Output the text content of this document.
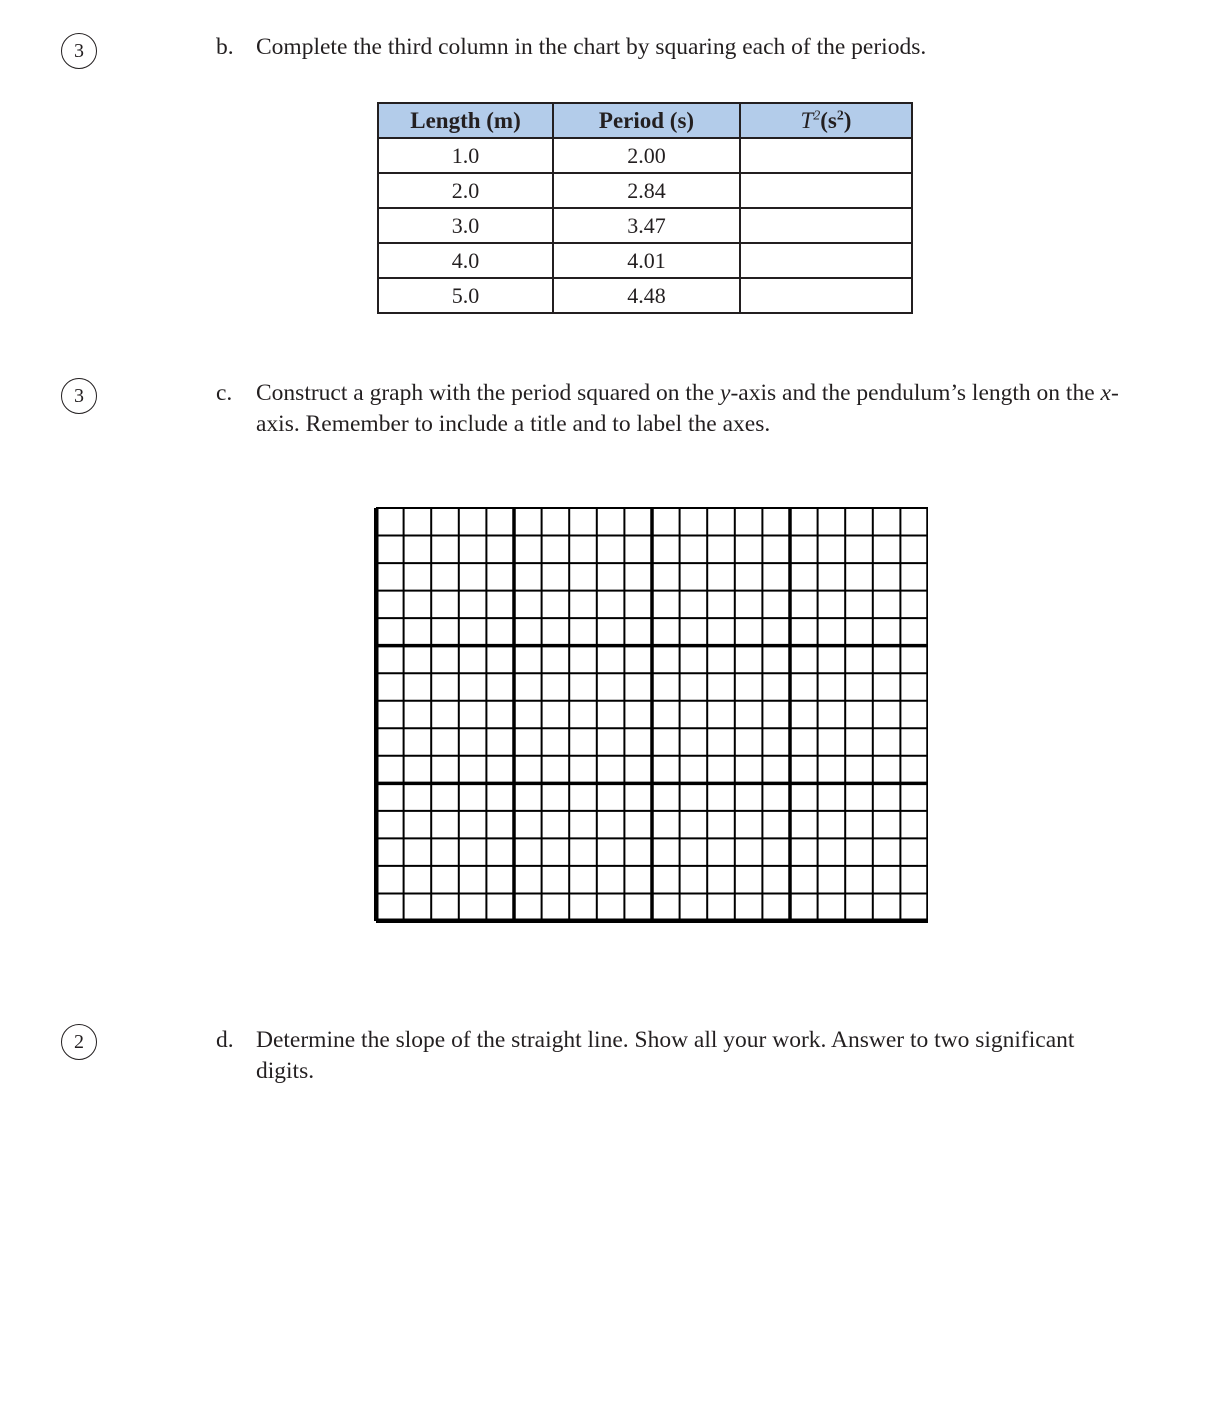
3	b. Complete the third column in the chart by squaring each of the periods.
Length (m)	Period (s)	$T^2(s^2)$
1.0	2.00	
2.0	2.84	
3.0	3.47	
4.0	4.01	
5.0	4.48	
3	c. Construct a graph with the period squared on the y-axis and the pendulum’s length on the x-axis. Remember to include a title and to label the axes.
2	d. Determine the slope of the straight line. Show all your work. Answer to two significant digits.
